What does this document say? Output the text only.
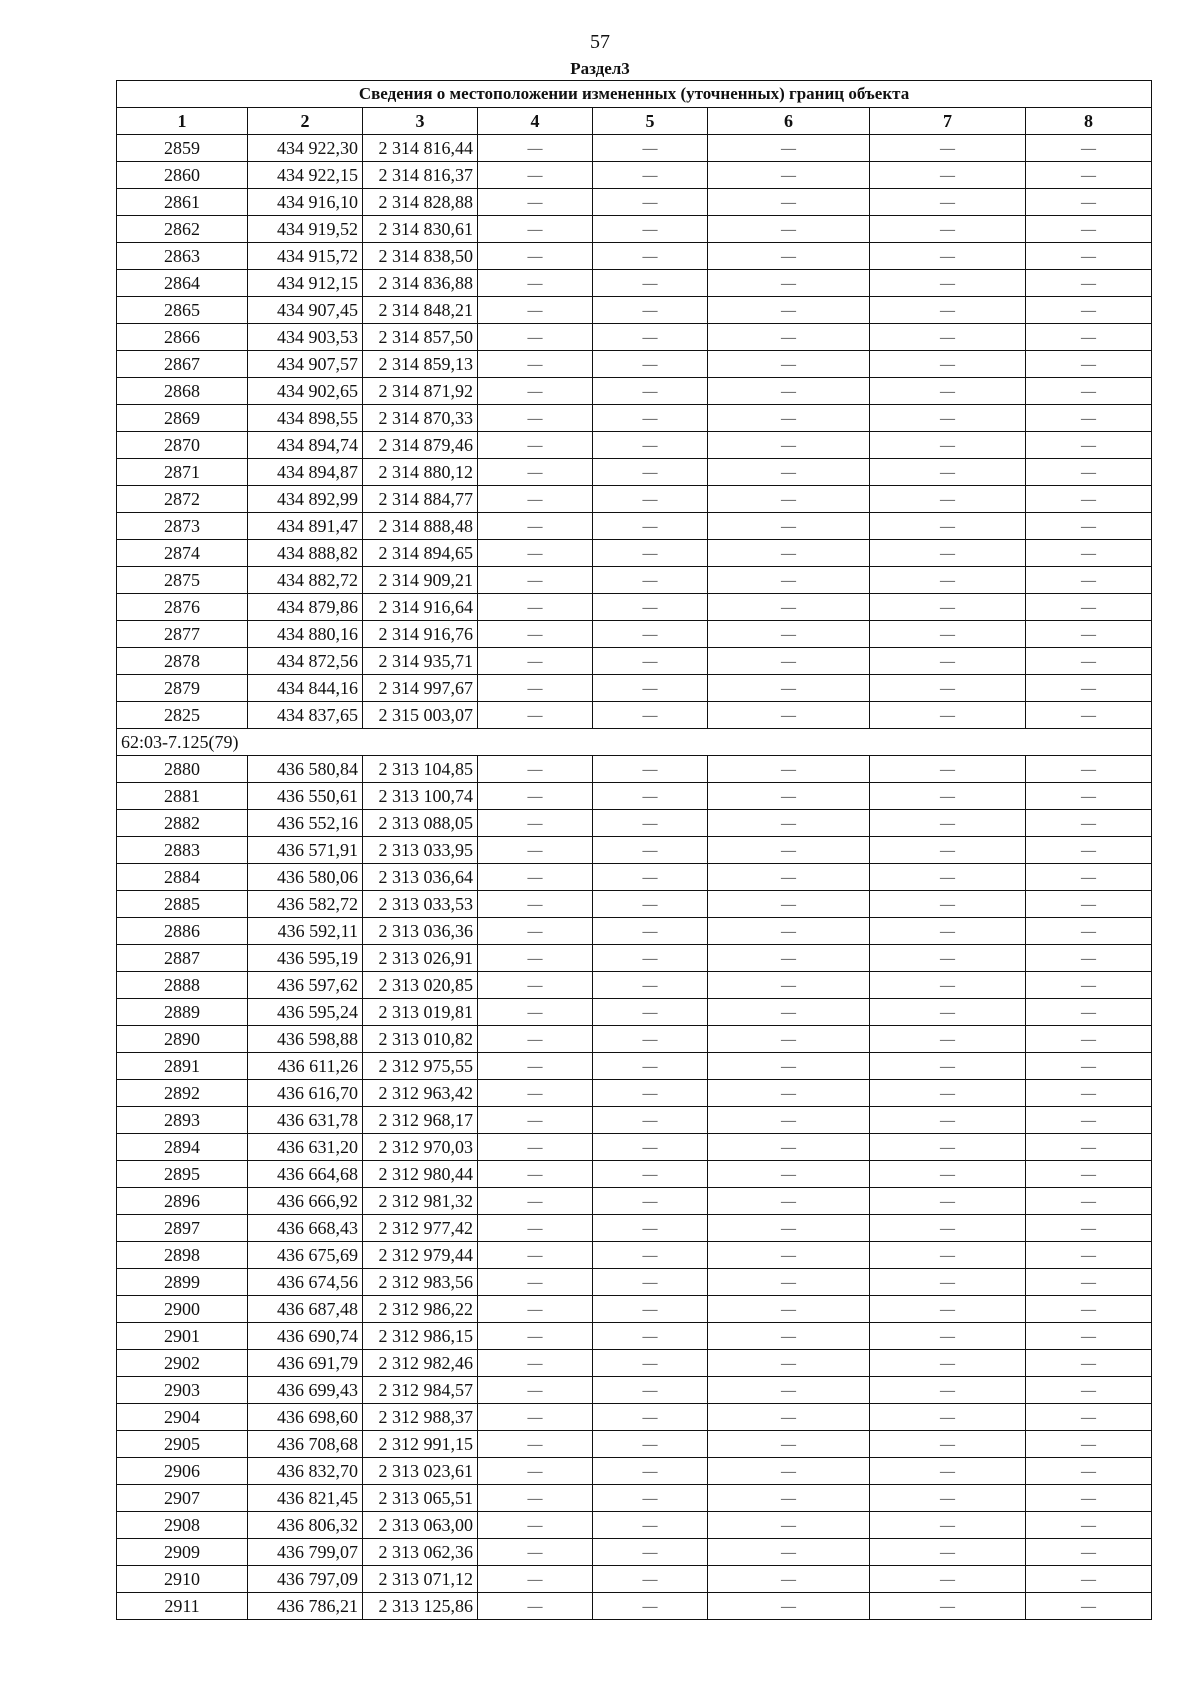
57
Раздел3
Сведения о местоположении измененных (уточненных) границ объекта							
1	2	3	4	5	6	7	8
2859	434 922,30	2 314 816,44	—	—	—	—	—
2860	434 922,15	2 314 816,37	—	—	—	—	—
2861	434 916,10	2 314 828,88	—	—	—	—	—
2862	434 919,52	2 314 830,61	—	—	—	—	—
2863	434 915,72	2 314 838,50	—	—	—	—	—
2864	434 912,15	2 314 836,88	—	—	—	—	—
2865	434 907,45	2 314 848,21	—	—	—	—	—
2866	434 903,53	2 314 857,50	—	—	—	—	—
2867	434 907,57	2 314 859,13	—	—	—	—	—
2868	434 902,65	2 314 871,92	—	—	—	—	—
2869	434 898,55	2 314 870,33	—	—	—	—	—
2870	434 894,74	2 314 879,46	—	—	—	—	—
2871	434 894,87	2 314 880,12	—	—	—	—	—
2872	434 892,99	2 314 884,77	—	—	—	—	—
2873	434 891,47	2 314 888,48	—	—	—	—	—
2874	434 888,82	2 314 894,65	—	—	—	—	—
2875	434 882,72	2 314 909,21	—	—	—	—	—
2876	434 879,86	2 314 916,64	—	—	—	—	—
2877	434 880,16	2 314 916,76	—	—	—	—	—
2878	434 872,56	2 314 935,71	—	—	—	—	—
2879	434 844,16	2 314 997,67	—	—	—	—	—
2825	434 837,65	2 315 003,07	—	—	—	—	—
62:03-7.125(79)							
2880	436 580,84	2 313 104,85	—	—	—	—	—
2881	436 550,61	2 313 100,74	—	—	—	—	—
2882	436 552,16	2 313 088,05	—	—	—	—	—
2883	436 571,91	2 313 033,95	—	—	—	—	—
2884	436 580,06	2 313 036,64	—	—	—	—	—
2885	436 582,72	2 313 033,53	—	—	—	—	—
2886	436 592,11	2 313 036,36	—	—	—	—	—
2887	436 595,19	2 313 026,91	—	—	—	—	—
2888	436 597,62	2 313 020,85	—	—	—	—	—
2889	436 595,24	2 313 019,81	—	—	—	—	—
2890	436 598,88	2 313 010,82	—	—	—	—	—
2891	436 611,26	2 312 975,55	—	—	—	—	—
2892	436 616,70	2 312 963,42	—	—	—	—	—
2893	436 631,78	2 312 968,17	—	—	—	—	—
2894	436 631,20	2 312 970,03	—	—	—	—	—
2895	436 664,68	2 312 980,44	—	—	—	—	—
2896	436 666,92	2 312 981,32	—	—	—	—	—
2897	436 668,43	2 312 977,42	—	—	—	—	—
2898	436 675,69	2 312 979,44	—	—	—	—	—
2899	436 674,56	2 312 983,56	—	—	—	—	—
2900	436 687,48	2 312 986,22	—	—	—	—	—
2901	436 690,74	2 312 986,15	—	—	—	—	—
2902	436 691,79	2 312 982,46	—	—	—	—	—
2903	436 699,43	2 312 984,57	—	—	—	—	—
2904	436 698,60	2 312 988,37	—	—	—	—	—
2905	436 708,68	2 312 991,15	—	—	—	—	—
2906	436 832,70	2 313 023,61	—	—	—	—	—
2907	436 821,45	2 313 065,51	—	—	—	—	—
2908	436 806,32	2 313 063,00	—	—	—	—	—
2909	436 799,07	2 313 062,36	—	—	—	—	—
2910	436 797,09	2 313 071,12	—	—	—	—	—
2911	436 786,21	2 313 125,86	—	—	—	—	—
